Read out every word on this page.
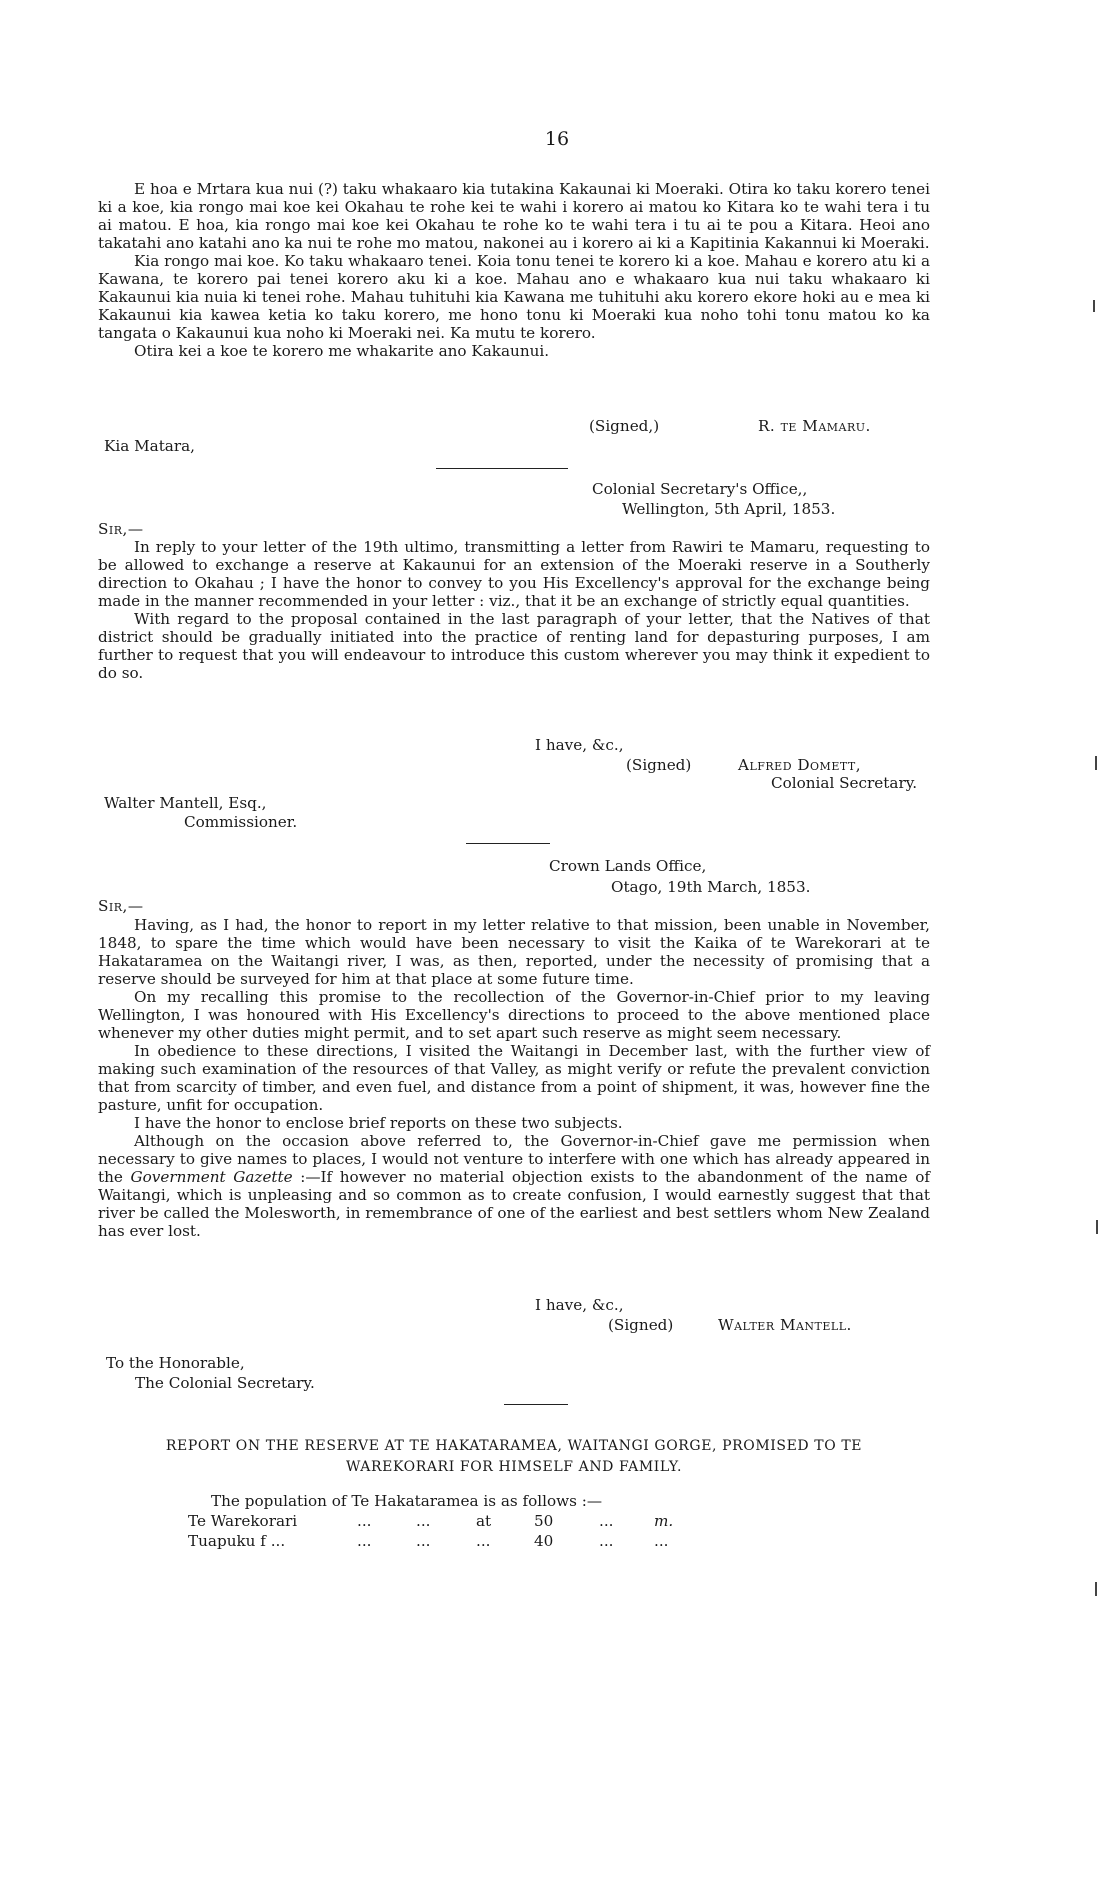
16

E hoa e Mrtara kua nui (?) taku whakaaro kia tutakina Kakaunai ki Moeraki. Otira ko taku korero tenei ki a koe, kia rongo mai koe kei Okahau te rohe kei te wahi i korero ai matou ko Kitara ko te wahi tera i tu ai matou. E hoa, kia rongo mai koe kei Okahau te rohe ko te wahi tera i tu ai te pou a Kitara. Heoi ano takatahi ano katahi ano ka nui te rohe mo matou, nakonei au i korero ai ki a Kapitinia Kakannui ki Moeraki.

Kia rongo mai koe. Ko taku whakaaro tenei. Koia tonu tenei te korero ki a koe. Mahau e korero atu ki a Kawana, te korero pai tenei korero aku ki a koe. Mahau ano e whakaaro kua nui taku whakaaro ki Kakaunui kia nuia ki tenei rohe. Mahau tuhituhi kia Kawana me tuhituhi aku korero ekore hoki au e mea ki Kakaunui kia kawea ketia ko taku korero, me hono tonu ki Moeraki kua noho tohi tonu matou ko ka tangata o Kakaunui kua noho ki Moeraki nei. Ka mutu te korero.

Otira kei a koe te korero me whakarite ano Kakaunui.

(Signed,)	R. te Mamaru.
Kia Matara,
Colonial Secretary's Office,,
Wellington, 5th April, 1853.
Sir,—

In reply to your letter of the 19th ultimo, transmitting a letter from Rawiri te Mamaru, requesting to be allowed to exchange a reserve at Kakaunui for an extension of the Moeraki reserve in a Southerly direction to Okahau ; I have the honor to convey to you His Excellency's approval for the exchange being made in the manner recommended in your letter : viz., that it be an exchange of strictly equal quantities.

With regard to the proposal contained in the last paragraph of your letter, that the Natives of that district should be gradually initiated into the practice of renting land for depasturing purposes, I am further to request that you will endeavour to introduce this custom wherever you may think it expedient to do so.

I have, &c.,
(Signed)	Alfred Domett,
Colonial Secretary.
Walter Mantell, Esq.,
Commissioner.
Crown Lands Office,
Otago, 19th March, 1853.
Sir,—

Having, as I had, the honor to report in my letter relative to that mission, been unable in November, 1848, to spare the time which would have been necessary to visit the Kaika of te Warekorari at te Hakataramea on the Waitangi river, I was, as then, reported, under the necessity of promising that a reserve should be surveyed for him at that place at some future time.

On my recalling this promise to the recollection of the Governor-in-Chief prior to my leaving Wellington, I was honoured with His Excellency's directions to proceed to the above mentioned place whenever my other duties might permit, and to set apart such reserve as might seem necessary.

In obedience to these directions, I visited the Waitangi in December last, with the further view of making such examination of the resources of that Valley, as might verify or refute the prevalent conviction that from scarcity of timber, and even fuel, and distance from a point of shipment, it was, however fine the pasture, unfit for occupation.

I have the honor to enclose brief reports on these two subjects.

Although on the occasion above referred to, the Governor-in-Chief gave me permission when necessary to give names to places, I would not venture to interfere with one which has already appeared in the Government Gazette :—If however no material objection exists to the abandonment of the name of Waitangi, which is unpleasing and so common as to create confusion, I would earnestly suggest that that river be called the Molesworth, in remembrance of one of the earliest and best settlers whom New Zealand has ever lost.

I have, &c.,
(Signed)	Walter Mantell.
To the Honorable,
The Colonial Secretary.
REPORT ON THE RESERVE AT TE HAKATARAMEA, WAITANGI GORGE, PROMISED TO TE
WAREKORARI FOR HIMSELF AND FAMILY.
The population of Te Hakataramea is as follows :—
Te Warekorari	...	...	at	50	...	m.
Tuapuku f ...	...	...	...	40	...	...
